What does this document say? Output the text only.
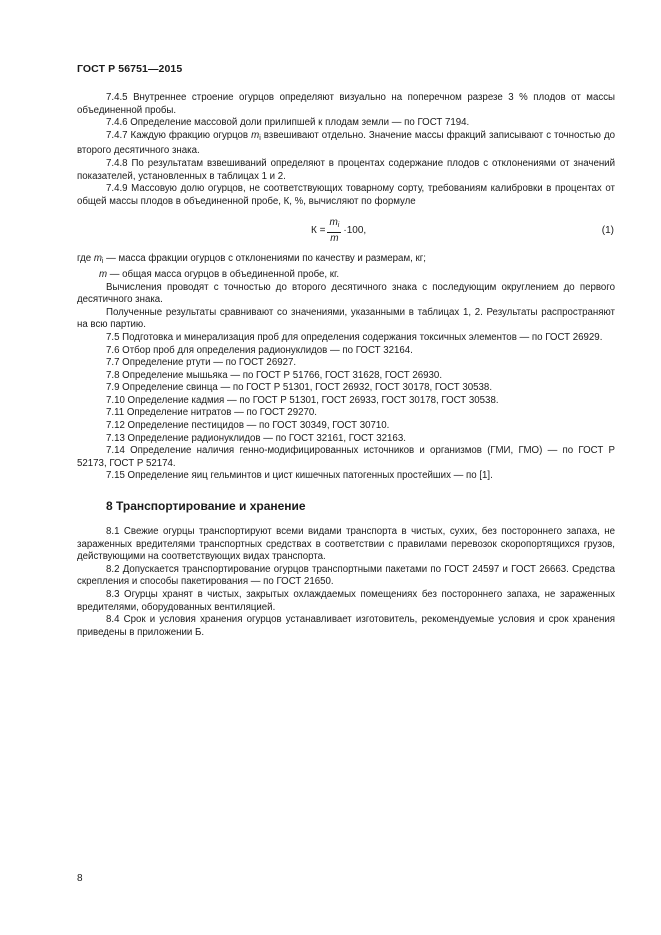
ГОСТ Р 56751—2015

7.4.5 Внутреннее строение огурцов определяют визуально на поперечном разрезе 3 % плодов от массы объединенной пробы.

7.4.6 Определение массовой доли прилипшей к плодам земли — по ГОСТ 7194.

7.4.7 Каждую фракцию огурцов $m_i$ взвешивают отдельно. Значение массы фракций записывают с точностью до второго десятичного знака.

7.4.8 По результатам взвешиваний определяют в процентах содержание плодов с отклонениями от значений показателей, установленных в таблицах 1 и 2.

7.4.9 Массовую долю огурцов, не соответствующих товарному сорту, требованиям калибровки в процентах от общей массы плодов в объединенной пробе, К, %, вычисляют по формуле

$К = \frac{m_i}{m} \cdot 100$,	(1)

где $m_i$ — масса фракции огурцов с отклонениями по качеству и размерам, кг;

m — общая масса огурцов в объединенной пробе, кг.

Вычисления проводят с точностью до второго десятичного знака с последующим округлением до первого десятичного знака.

Полученные результаты сравнивают со значениями, указанными в таблицах 1, 2. Результаты распространяют на всю партию.

7.5 Подготовка и минерализация проб для определения содержания токсичных элементов — по ГОСТ 26929.

7.6 Отбор проб для определения радионуклидов — по ГОСТ 32164.

7.7 Определение ртути — по ГОСТ 26927.

7.8 Определение мышьяка — по ГОСТ Р 51766, ГОСТ 31628, ГОСТ 26930.

7.9 Определение свинца — по ГОСТ Р 51301, ГОСТ 26932, ГОСТ 30178, ГОСТ 30538.

7.10 Определение кадмия — по ГОСТ Р 51301, ГОСТ 26933, ГОСТ 30178, ГОСТ 30538.

7.11 Определение нитратов — по ГОСТ 29270.

7.12 Определение пестицидов — по ГОСТ 30349, ГОСТ 30710.

7.13 Определение радионуклидов — по ГОСТ 32161, ГОСТ 32163.

7.14 Определение наличия генно-модифицированных источников и организмов (ГМИ, ГМО) — по ГОСТ Р 52173, ГОСТ Р 52174.

7.15 Определение яиц гельминтов и цист кишечных патогенных простейших — по [1].

8 Транспортирование и хранение

8.1 Свежие огурцы транспортируют всеми видами транспорта в чистых, сухих, без постороннего запаха, не зараженных вредителями транспортных средствах в соответствии с правилами перевозок скоропортящихся грузов, действующими на соответствующих видах транспорта.

8.2 Допускается транспортирование огурцов транспортными пакетами по ГОСТ 24597 и ГОСТ 26663. Средства скрепления и способы пакетирования — по ГОСТ 21650.

8.3 Огурцы хранят в чистых, закрытых охлаждаемых помещениях без постороннего запаха, не зараженных вредителями, оборудованных вентиляцией.

8.4 Срок и условия хранения огурцов устанавливает изготовитель, рекомендуемые условия и срок хранения приведены в приложении Б.

8
